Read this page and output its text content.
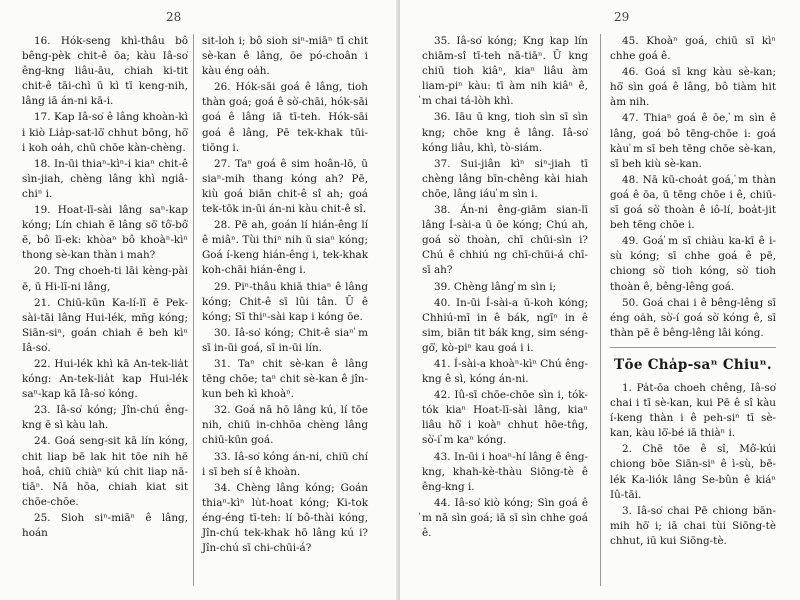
28

16. Hók-seng khì-thâu bô bêng-pèk chit-ê ōa; kàu Iâ-so͘ êng-kng liâu-āu, chiah ki-tit chit-ê tāi-chì ū kì tī keng-nih, lâng iā án-ni kā-i.

17. Kap Iâ-so͘ ê lâng khoàn-kì i kiò Lia̍p-sat-lō͘ chhut bōng, hō͘ i koh oa̍h, chū chōe kàn-chèng.

18. In-ūi thiaⁿ-kìⁿ-i kiaⁿ chit-ê sìn-jiah, chèng lâng khì ngiâ-chiⁿ i.

19. Hoat-lī-sài lâng saⁿ-kap kóng; Lín chiah ē lâng sō͘ tô͘-bô͘ ē, bô lī-ek: khòaⁿ bô khoàⁿ-kìⁿ thong sè-kan thàn i mah?

20. Tng choeh-ti lāi kèng-pài ē, ū Hi-lī-ni lâng,

21. Chiū-kūn Ka-lí-lī ē Pek-sài-tāi lâng Hui-lék, mn̄g kóng; Siān-siⁿ, goán chiah ē beh kìⁿ Iâ-so͘.

22. Hui-lék khì kā An-tek-lia̍t kóng: An-tek-lia̍t kap Hui-lék saⁿ-kap kā Iâ-so͘ kóng.

23. Iâ-so͘ kóng; Jîn-chú êng-kng ē sì kàu lah.

24. Goá seng-sit kā lín kóng, chit liap bē lak hit tōe nih hē hoâ, chiū chiàⁿ kú chit liap nā-tiāⁿ. Nā hōa, chiah kiat sit chōe-chōe.

25. Sioh siⁿ-miāⁿ ê lâng, hoán

sit-loh i; bô sioh siⁿ-miāⁿ tī chit sè-kan ê lâng, ōe pó-choân i kàu éng oa̍h.

26. Hók-sāi goá ê lâng, tioh thàn goá; goá ê sò͘-chāi, hók-sāi goá ê lâng iā tī-teh. Hók-sāi goá ê lâng, Pē tek-khak tūi-tiōng i.

27. Taⁿ goá ê sim hoân-lō, ū siaⁿ-mih thang kóng ah? Pē, kiù goá biān chit-ê sî ah; goá tek-tōk in-ūi án-ni kàu chit-ê sî.

28. Pē ah, goán lí hián-êng lí ê miâⁿ. Tùi thiⁿ nih ū siaⁿ kóng; Goá í-keng hián-êng i, tek-khak koh-chāi hián-êng i.

29. Piⁿ-thâu khiā thiaⁿ ê lâng kóng; Chit-ê sī lûi tân. Ū ê kóng; Sī thiⁿ-sài kap i kóng ōe.

30. Iâ-so͘ kóng; Chit-ê siaⁿ ̍m sī in-ūi goá, sī in-ūi lín.

31. Taⁿ chit sè-kan ê lâng tēng chōe; taⁿ chit sè-kan ê jîn-kun beh kì khoàⁿ.

32. Goá nā hō lâng kú, lí tōe nih, chiū in-chhōa chèng lâng chiū-kūn goá.

33. Iâ-so͘ kóng án-ni, chiū chí i sī beh sí ê khoàn.

34. Chèng lâng kóng; Goán thiaⁿ-kìⁿ lu̍t-hoat kóng; Ki-tok éng-éng tī-teh: lí bô-thài kóng, Jîn-chú tek-khak hō lâng kú i? Jîn-chú sī chi-chūi-á?

29

35. Iâ-so͘ kóng; Kng kap lín chiām-sî tī-teh nā-tiāⁿ. Ū kng chiū tioh kiâⁿ, kiaⁿ liâu àm liam-piⁿ kàu: tī àm nih kiâⁿ ê, ̍m chai tá-lòh khì.

36. Iāu ū kng, tioh sìn sī sìn kng; chōe kng ê lâng. Iâ-so͘ kóng liâu, khì, tò-siám.

37. Sui-jiân kìⁿ siⁿ-jiah tī chèng lâng bīn-chêng kài hiah chōe, lâng iáu ̍m sìn i.

38. Án-ni êng-giām sian-lī lâng Í-sài-a ū ōe kóng; Chú ah, goá sò͘ thoàn, chī chūi-sìn i? Chú ê chhiú ng chī-chūi-á chī-sī ah?

39. Chèng lâng ̍m sìn i;

40. In-ūi Í-sài-a ū-koh kóng; Chhiú-mī in ê bák, ngīⁿ in ê sim, biān tit bák kng, sim séng-gō͘, kò-piⁿ kau goá i i.

41. Í-sài-a khoàⁿ-kìⁿ Chú êng-kng ê sì, kóng án-ni.

42. Iû-sī chōe-chōe sìn i, tók-tók kiaⁿ Hoat-lī-sài lâng, kiaⁿ liâu hō͘ i koàⁿ chhut hōe-tn̂g, sò͘-i ̍m kaⁿ kóng.

43. In-ūi i hoaⁿ-hí lâng ê êng-kng, khah-kè-thàu Siōng-tè ê êng-kng i.

44. Iâ-so͘ kiò kóng; Sìn goá ê ̍m nā sìn goá; iā sī sìn chhe goá ê.

45. Khoàⁿ goá, chiū sī kìⁿ chhe goá ê.

46. Goá sī kng kàu sè-kan; hō͘ sìn goá ê lâng, bô tiàm hit àm nih.

47. Thiaⁿ goá ê ōe, ̍m sìn ê lâng, goá bô tēng-chōe i: goá kàu ̍m sī beh tēng chōe sè-kan, sī beh kiù sè-kan.

48. Nā kū-choa̍t goá, ̍m thàn goá ê ōa, ū tēng chōe i ê, chiū-sī goá sò͘ thoàn ê iô-lí, boa̍t-jit beh tēng chōe i.

49. Goá ̍m sī chiàu ka-kī ê i-sù kóng; sī chhe goá ê pē, chiong sò͘ tioh kóng, sò͘ tioh thoàn ê, bêng-lêng goá.

50. Goá chai i ê bêng-lêng sī éng oa̍h, sò͘-í goá sò͘ kóng ê, sī thàn pē ê bêng-lêng lâi kóng.

Tōe Cha̍p-saⁿ Chiuⁿ.

1. Pa̍t-ōa choeh chêng, Iâ-so͘ chai i tī sè-kan, kui Pē ê sî kàu í-keng thàn i ê peh-siⁿ tī sè-kan, kàu lō͘-bé iā thiàⁿ i.

2. Chē tōe ê sî, Mô͘-kúi chiong bōe Siān-siⁿ ê ì-sù, bē-lék Ka-liók lâng Se-bûn ê kiáⁿ Iû-tāi.

3. Iâ-so͘ chai Pē chiong bān-mih hō͘ i; iā chai tùi Siōng-tè chhut, iū kui Siōng-tè.
